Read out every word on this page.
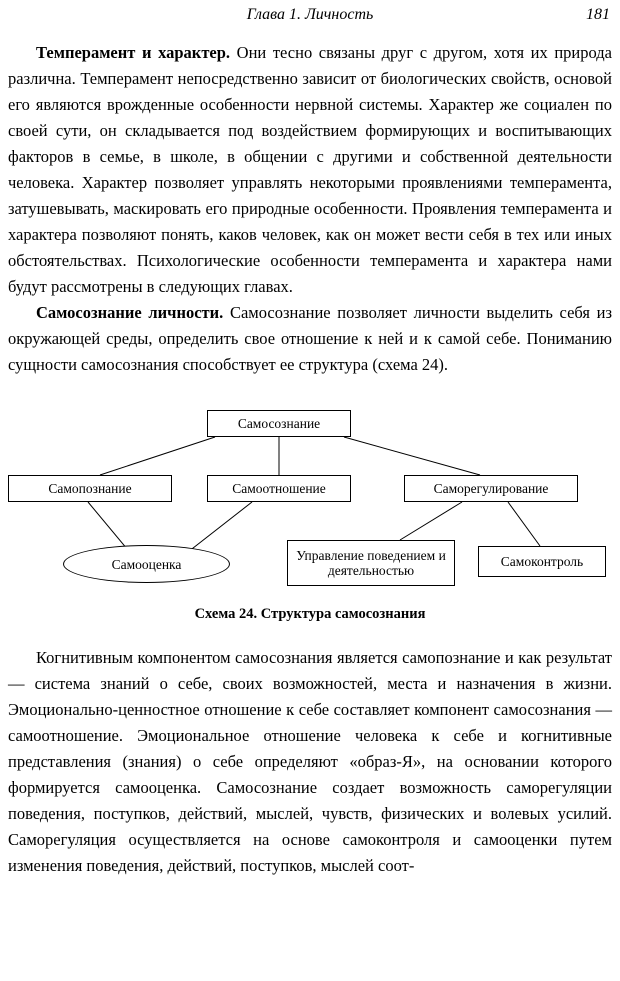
Глава 1. Личность	181

Темперамент и характер. Они тесно связаны друг с другом, хотя их природа различна. Темперамент непосредственно зависит от биологических свойств, основой его являются врожденные особенности нервной системы. Характер же социален по своей сути, он складывается под воздействием формирующих и воспитывающих факторов в семье, в школе, в общении с другими и собственной деятельности человека. Характер позволяет управлять некоторыми проявлениями темперамента, затушевывать, маскировать его природные особенности. Проявления темперамента и характера позволяют понять, каков человек, как он может вести себя в тех или иных обстоятельствах. Психологические особенности темперамента и характера нами будут рассмотрены в следующих главах.

Самосознание личности. Самосознание позволяет личности выделить себя из окружающей среды, определить свое отношение к ней и к самой себе. Пониманию сущности самосознания способствует ее структура (схема 24).

Самосознание
Самопознание	Самоотношение	Саморегулирование
Самооценка
Управление поведением и деятельностью
Самоконтроль
Схема 24. Структура самосознания

Когнитивным компонентом самосознания является самопознание и как результат — система знаний о себе, своих возможностей, места и назначения в жизни. Эмоционально-ценностное отношение к себе составляет компонент самосознания — самоотношение. Эмоциональное отношение человека к себе и когнитивные представления (знания) о себе определяют «образ-Я», на основании которого формируется самооценка. Самосознание создает возможность саморегуляции поведения, поступков, действий, мыслей, чувств, физических и волевых усилий. Саморегуляция осуществляется на основе самоконтроля и самооценки путем изменения поведения, действий, поступков, мыслей соот-
